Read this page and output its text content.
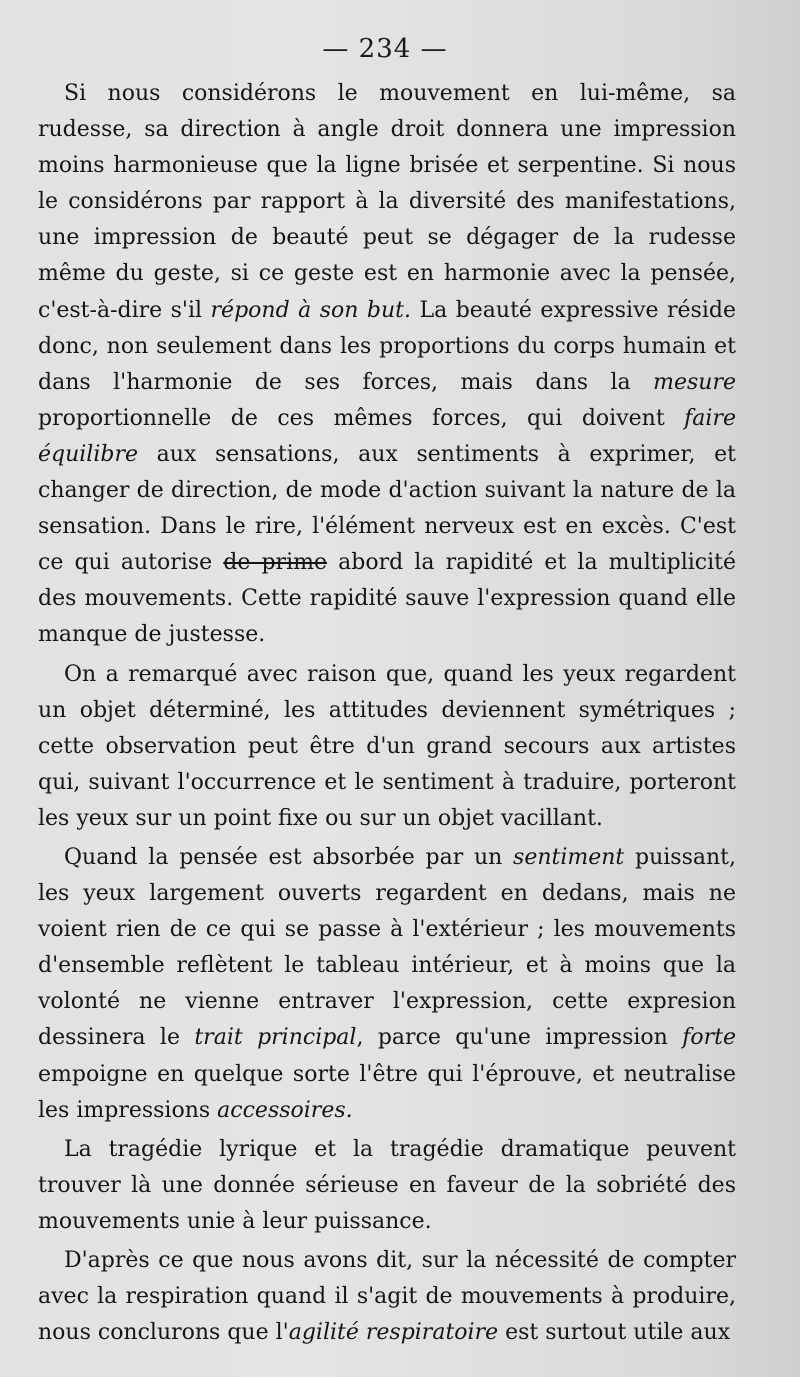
— 234 —

Si nous considérons le mouvement en lui-même, sa rudesse, sa direction à angle droit donnera une impression moins harmonieuse que la ligne brisée et serpentine. Si nous le considérons par rapport à la diversité des manifestations, une impression de beauté peut se dégager de la rudesse même du geste, si ce geste est en harmonie avec la pensée, c'est-à-dire s'il répond à son but. La beauté expressive réside donc, non seulement dans les proportions du corps humain et dans l'harmonie de ses forces, mais dans la mesure proportionnelle de ces mêmes forces, qui doivent faire équilibre aux sensations, aux sentiments à exprimer, et changer de direction, de mode d'action suivant la nature de la sensation. Dans le rire, l'élément nerveux est en excès. C'est ce qui autorise de prime abord la rapidité et la multiplicité des mouvements. Cette rapidité sauve l'expression quand elle manque de justesse.

On a remarqué avec raison que, quand les yeux regardent un objet déterminé, les attitudes deviennent symétriques ; cette observation peut être d'un grand secours aux artistes qui, suivant l'occurrence et le sentiment à traduire, porteront les yeux sur un point fixe ou sur un objet vacillant.

Quand la pensée est absorbée par un sentiment puissant, les yeux largement ouverts regardent en dedans, mais ne voient rien de ce qui se passe à l'extérieur ; les mouvements d'ensemble reflètent le tableau intérieur, et à moins que la volonté ne vienne entraver l'expression, cette expresion dessinera le trait principal, parce qu'une impression forte empoigne en quelque sorte l'être qui l'éprouve, et neutralise les impressions accessoires.

La tragédie lyrique et la tragédie dramatique peuvent trouver là une donnée sérieuse en faveur de la sobriété des mouvements unie à leur puissance.

D'après ce que nous avons dit, sur la nécessité de compter avec la respiration quand il s'agit de mouvements à produire, nous conclurons que l'agilité respiratoire est surtout utile aux
